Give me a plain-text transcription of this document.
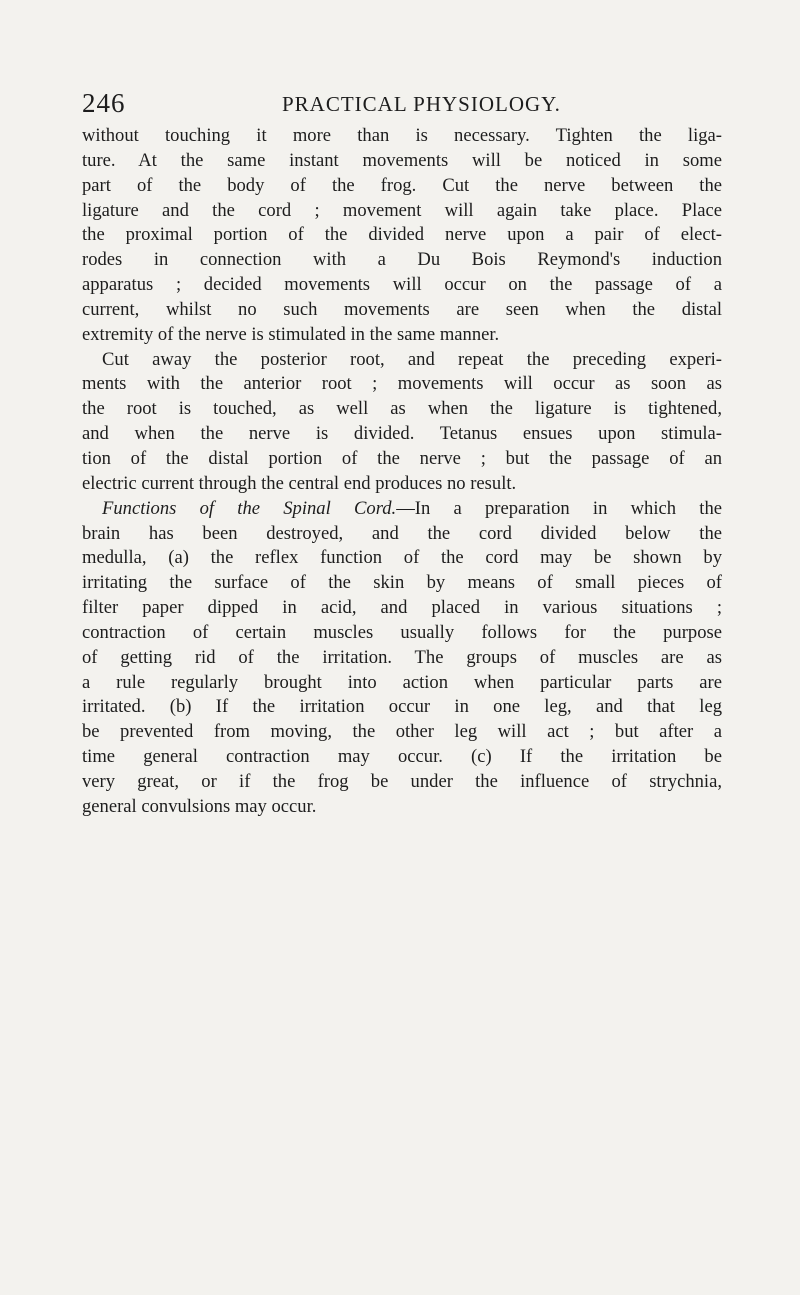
246	PRACTICAL PHYSIOLOGY.
without touching it more than is necessary. Tighten the liga-
ture. At the same instant movements will be noticed in some
part of the body of the frog. Cut the nerve between the
ligature and the cord ; movement will again take place. Place
the proximal portion of the divided nerve upon a pair of elect-
rodes in connection with a Du Bois Reymond's induction
apparatus ; decided movements will occur on the passage of a
current, whilst no such movements are seen when the distal
extremity of the nerve is stimulated in the same manner.
Cut away the posterior root, and repeat the preceding experi-
ments with the anterior root ; movements will occur as soon as
the root is touched, as well as when the ligature is tightened,
and when the nerve is divided. Tetanus ensues upon stimula-
tion of the distal portion of the nerve ; but the passage of an
electric current through the central end produces no result.
Functions of the Spinal Cord.—In a preparation in which the
brain has been destroyed, and the cord divided below the
medulla, (a) the reflex function of the cord may be shown by
irritating the surface of the skin by means of small pieces of
filter paper dipped in acid, and placed in various situations ;
contraction of certain muscles usually follows for the purpose
of getting rid of the irritation. The groups of muscles are as
a rule regularly brought into action when particular parts are
irritated. (b) If the irritation occur in one leg, and that leg
be prevented from moving, the other leg will act ; but after a
time general contraction may occur. (c) If the irritation be
very great, or if the frog be under the influence of strychnia,
general convulsions may occur.
